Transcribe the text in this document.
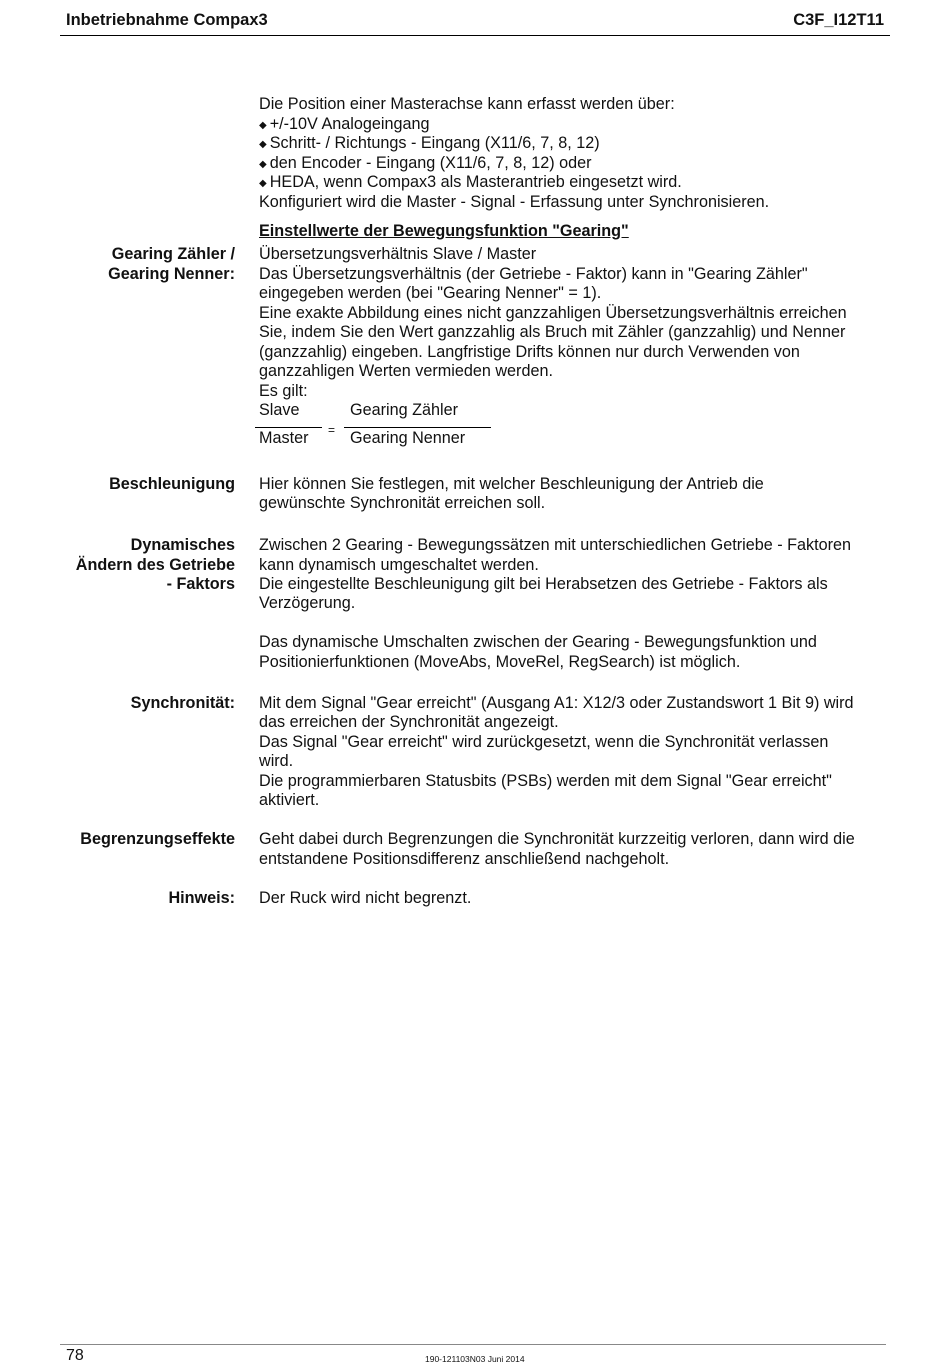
Inbetriebnahme Compax3	C3F_I12T11
Die Position einer Masterachse kann erfasst werden über:
◆ +/-10V Analogeingang
◆ Schritt- / Richtungs - Eingang (X11/6, 7, 8, 12)
◆ den Encoder - Eingang (X11/6, 7, 8, 12) oder
◆ HEDA, wenn Compax3 als Masterantrieb eingesetzt wird.
Konfiguriert wird die Master - Signal - Erfassung unter Synchronisieren.
Einstellwerte der Bewegungsfunktion "Gearing"
Gearing Zähler /
Gearing Nenner:
Übersetzungsverhältnis Slave / Master
Das Übersetzungsverhältnis (der Getriebe - Faktor) kann in "Gearing Zähler"
eingegeben werden (bei "Gearing Nenner" = 1).
Eine exakte Abbildung eines nicht ganzzahligen Übersetzungsverhältnis erreichen
Sie, indem Sie den Wert ganzzahlig als Bruch mit Zähler (ganzzahlig) und Nenner
(ganzzahlig) eingeben. Langfristige Drifts können nur durch Verwenden von
ganzzahligen Werten vermieden werden.
Es gilt:
Slave	Gearing Zähler
=
Master	Gearing Nenner
Beschleunigung Hier können Sie festlegen, mit welcher Beschleunigung der Antrieb die
gewünschte Synchronität erreichen soll.
Dynamisches
Ändern des Getriebe
- Faktors
Zwischen 2 Gearing - Bewegungssätzen mit unterschiedlichen Getriebe - Faktoren
kann dynamisch umgeschaltet werden.
Die eingestellte Beschleunigung gilt bei Herabsetzen des Getriebe - Faktors als
Verzögerung.
Das dynamische Umschalten zwischen der Gearing - Bewegungsfunktion und
Positionierfunktionen (MoveAbs, MoveRel, RegSearch) ist möglich.
Synchronität: Mit dem Signal "Gear erreicht" (Ausgang A1: X12/3 oder Zustandswort 1 Bit 9) wird
das erreichen der Synchronität angezeigt.
Das Signal "Gear erreicht" wird zurückgesetzt, wenn die Synchronität verlassen
wird.
Die programmierbaren Statusbits (PSBs) werden mit dem Signal "Gear erreicht"
aktiviert.
Begrenzungseffekte Geht dabei durch Begrenzungen die Synchronität kurzzeitig verloren, dann wird die
entstandene Positionsdifferenz anschließend nachgeholt.
Hinweis: Der Ruck wird nicht begrenzt.
78	190-121103N03 Juni 2014
